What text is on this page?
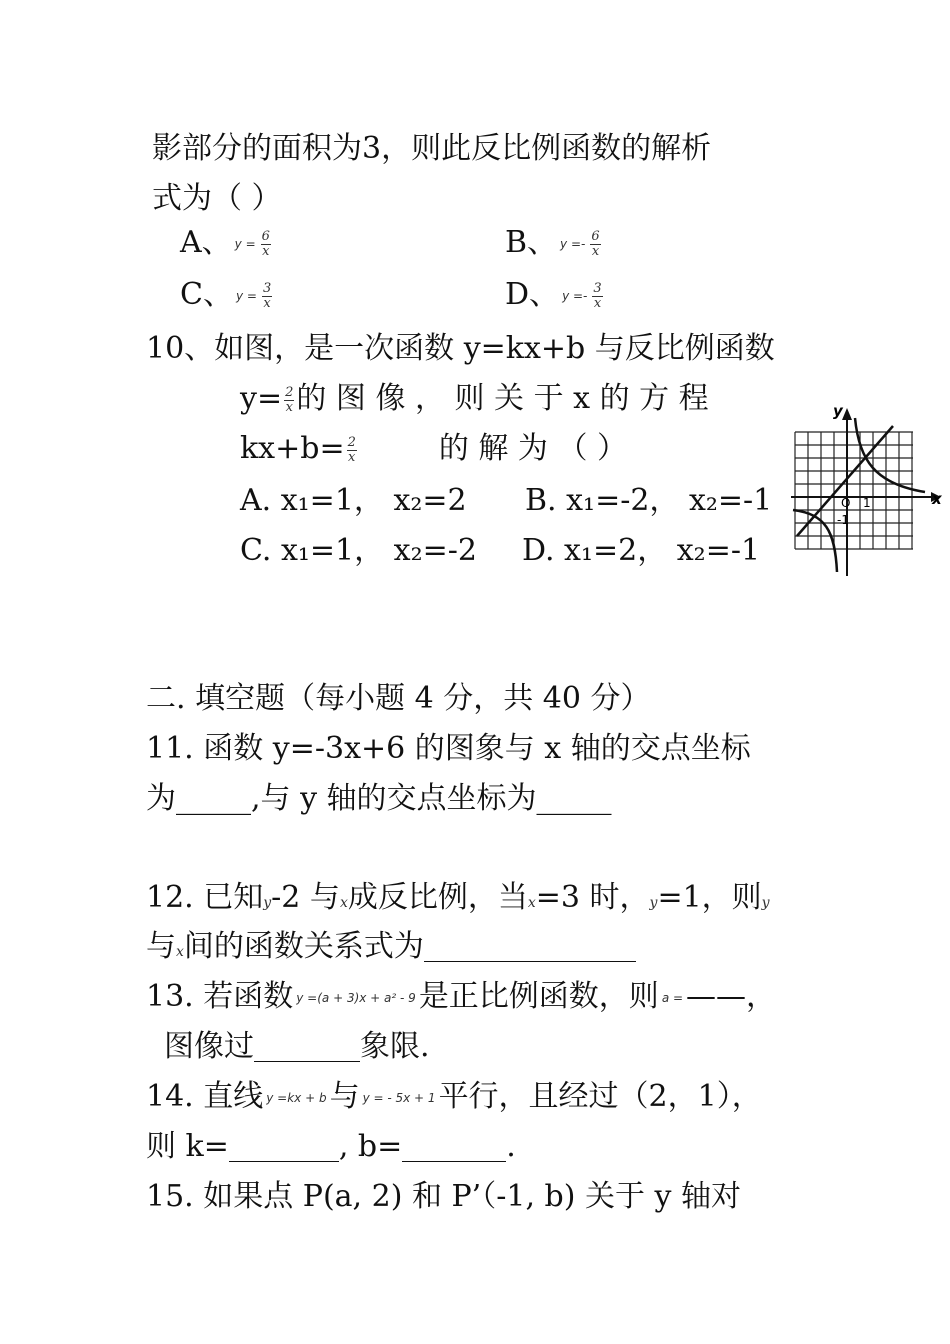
影部分的面积为3，则此反比例函数的解析
式为（ ）
A、 $y = \frac{6}{x}$	B、 $y =- \frac{6}{x}$
C、 $y = \frac{3}{x}$	D、 $y =- \frac{3}{x}$
10、如图，是一次函数 y=kx+b 与反比例函数
$y= \frac{2}{x}$ 的 图 像 ， 则 关 于 x 的 方 程
$kx+b= \frac{2}{x}$	的 解 为 （ ）
A. x₁=1， x₂=2 B. x₁=-2， x₂=-1
C. x₁=1， x₂=-2 D. x₁=2， x₂=-1
y
x
O 1
-1
二. 填空题（每小题 4 分，共 40 分）
11. 函数 y=-3x+6 的图象与 x 轴的交点坐标
为_____,与 y 轴的交点坐标为_____
12. 已知y-2 与x成反比例，当x=3 时，y=1，则y
与x间的函数关系式为
13. 若函数 y =(a + 3)x + a² - 9 是正比例函数，则 a = ——，
图像过	象限.
14. 直线 y =kx + b 与 y = - 5x + 1 平行，且经过（2，1），
则 k=	, b=	.
15. 如果点 P(a, 2) 和 P’（-1, b) 关于 y 轴对
